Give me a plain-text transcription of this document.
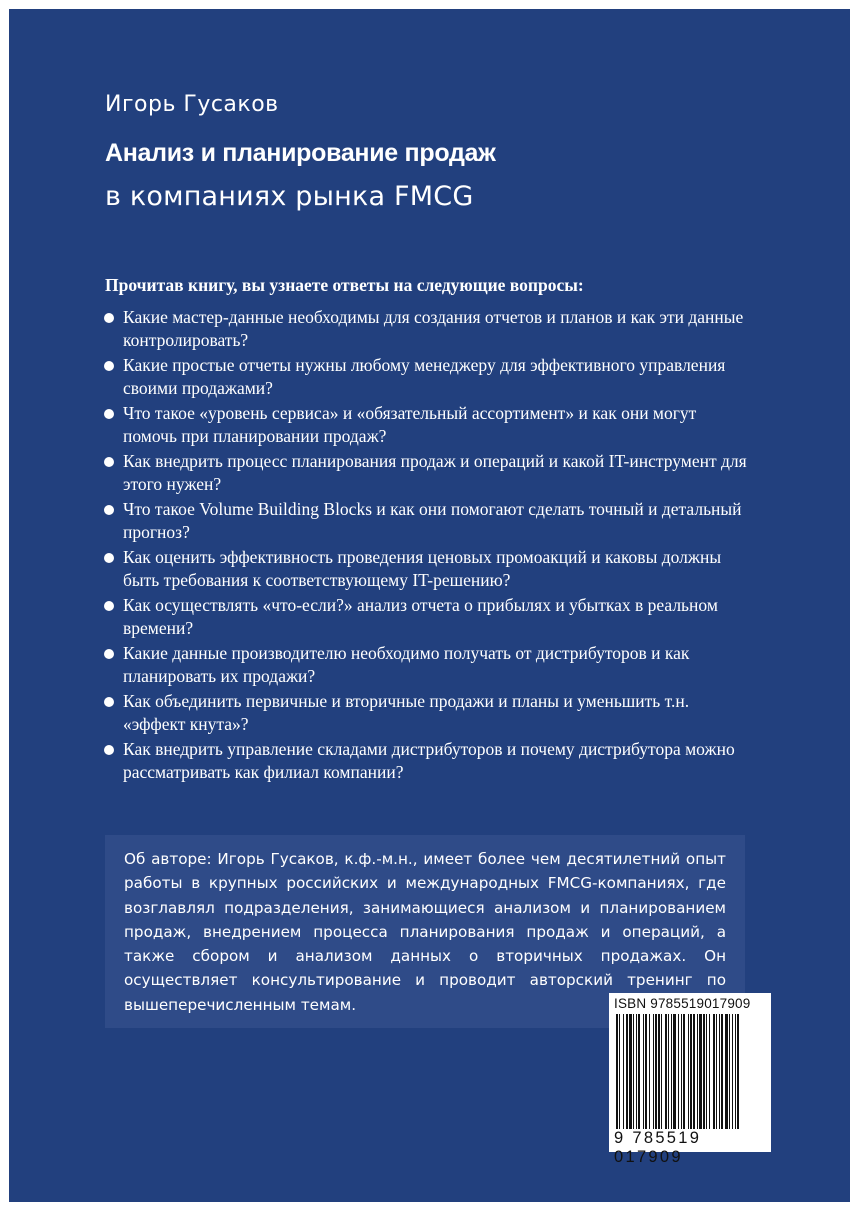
Игорь Гусаков
Анализ и планирование продаж
в компаниях рынка FMCG
Прочитав книгу, вы узнаете ответы на следующие вопросы:
Какие мастер-данные необходимы для создания отчетов и планов и как эти данные контролировать?
Какие простые отчеты нужны любому менеджеру для эффективного управления своими продажами?
Что такое «уровень сервиса» и «обязательный ассортимент» и как они могут помочь при планировании продаж?
Как внедрить процесс планирования продаж и операций и какой IT-инструмент для этого нужен?
Что такое Volume Building Blocks и как они помогают сделать точный и детальный прогноз?
Как оценить эффективность проведения ценовых промоакций и каковы должны быть требования к соответствующему IT-решению?
Как осуществлять «что-если?» анализ отчета о прибылях и убытках в реальном времени?
Какие данные производителю необходимо получать от дистрибуторов и как планировать их продажи?
Как объединить первичные и вторичные продажи и планы и уменьшить т.н. «эффект кнута»?
Как внедрить управление складами дистрибуторов и почему дистрибутора можно рассматривать как филиал компании?

Об авторе: Игорь Гусаков, к.ф.-м.н., имеет более чем десятилетний опыт работы в крупных российских и международных FMCG-компаниях, где возглавлял подразделения, занимающиеся анализом и планированием продаж, внедрением процесса планирования продаж и операций, а также сбором и анализом данных о вторичных продажах. Он осуществляет консультирование и проводит авторский тренинг по вышеперечисленным темам.	ISBN 9785519017909
9 785519 017909
